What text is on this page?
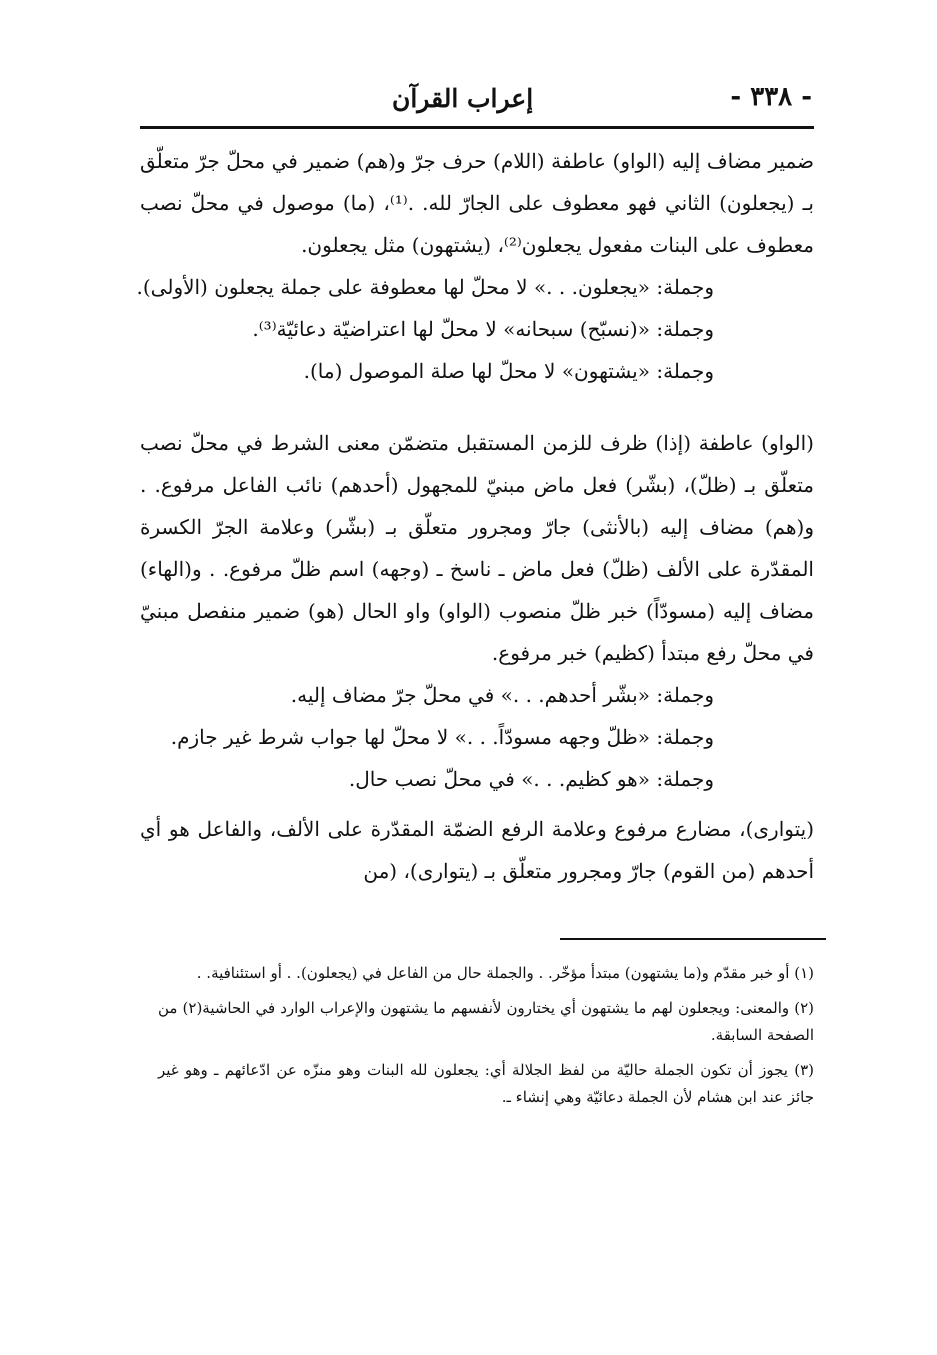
- ٣٣٨ -
إعراب القرآن

ضمير مضاف إليه (الواو) عاطفة (اللام) حرف جرّ و(هم) ضمير في محلّ جرّ متعلّق بـ (يجعلون) الثاني فهو معطوف على الجارّ لله. .⁽¹⁾، (ما) موصول في محلّ نصب معطوف على البنات مفعول يجعلون⁽²⁾، (يشتهون) مثل يجعلون.

وجملة: «يجعلون. . .» لا محلّ لها معطوفة على جملة يجعلون (الأولى).

وجملة: «(نسبّح) سبحانه» لا محلّ لها اعتراضيّة دعائيّة⁽³⁾.

وجملة: «يشتهون» لا محلّ لها صلة الموصول (ما).

(الواو) عاطفة (إذا) ظرف للزمن المستقبل متضمّن معنى الشرط في محلّ نصب متعلّق بـ (ظلّ)، (بشّر) فعل ماض مبنيّ للمجهول (أحدهم) نائب الفاعل مرفوع. . و(هم) مضاف إليه (بالأنثى) جارّ ومجرور متعلّق بـ (بشّر) وعلامة الجرّ الكسرة المقدّرة على الألف (ظلّ) فعل ماض ـ ناسخ ـ (وجهه) اسم ظلّ مرفوع. . و(الهاء) مضاف إليه (مسودّاً) خبر ظلّ منصوب (الواو) واو الحال (هو) ضمير منفصل مبنيّ في محلّ رفع مبتدأ (كظيم) خبر مرفوع.

وجملة: «بشّر أحدهم. . .» في محلّ جرّ مضاف إليه.

وجملة: «ظلّ وجهه مسودّاً. . .» لا محلّ لها جواب شرط غير جازم.

وجملة: «هو كظيم. . .» في محلّ نصب حال.

(يتوارى)، مضارع مرفوع وعلامة الرفع الضمّة المقدّرة على الألف، والفاعل هو أي أحدهم (من القوم) جارّ ومجرور متعلّق بـ (يتوارى)، (من

(١) أو خبر مقدّم و(ما يشتهون) مبتدأ مؤخّر. . والجملة حال من الفاعل في (يجعلون). . أو استئنافية. .

(٢) والمعنى: ويجعلون لهم ما يشتهون أي يختارون لأنفسهم ما يشتهون والإعراب الوارد في الحاشية(٢) من الصفحة السابقة.

(٣) يجوز أن تكون الجملة حاليّة من لفظ الجلالة أي: يجعلون لله البنات وهو منزّه عن ادّعائهم ـ وهو غير جائز عند ابن هشام لأن الجملة دعائيّة وهي إنشاء ـ.
